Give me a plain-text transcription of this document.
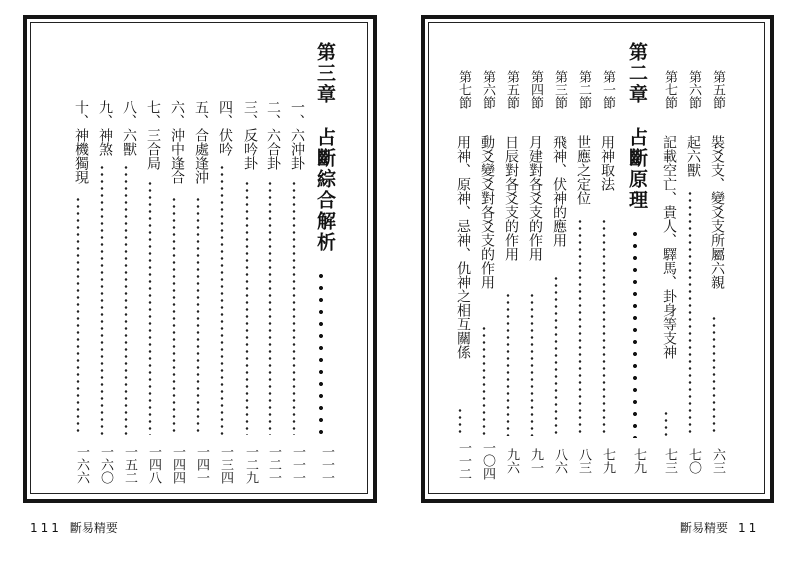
第三章占斷綜合解析
一一一
一、六沖卦
一一一
二、六合卦
一二一
三、反吟卦
一二九
四、伏吟
一三四
五、合處逢沖
一四一
六、沖中逢合
一四四
七、三合局
一四八
八、六獸
一五二
九、神煞
一六〇
十、神機獨現
一六六
111 斷易精要
第五節
裝爻支、變爻支所屬六親
六三
第六節
起六獸
七〇
第七節
記載空亡、貴人、驛馬、卦身等支神
七三
第二章占斷原理
七九
第一節
用神取法
七九
第二節
世應之定位
八三
第三節
飛神、伏神的應用
八六
第四節
月建對各爻支的作用
九一
第五節
日辰對各爻支的作用
九六
第六節
動爻變爻對各爻支的作用
一〇四
第七節
用神、原神、忌神、仇神之相互關係
一一二
斷易精要 11
